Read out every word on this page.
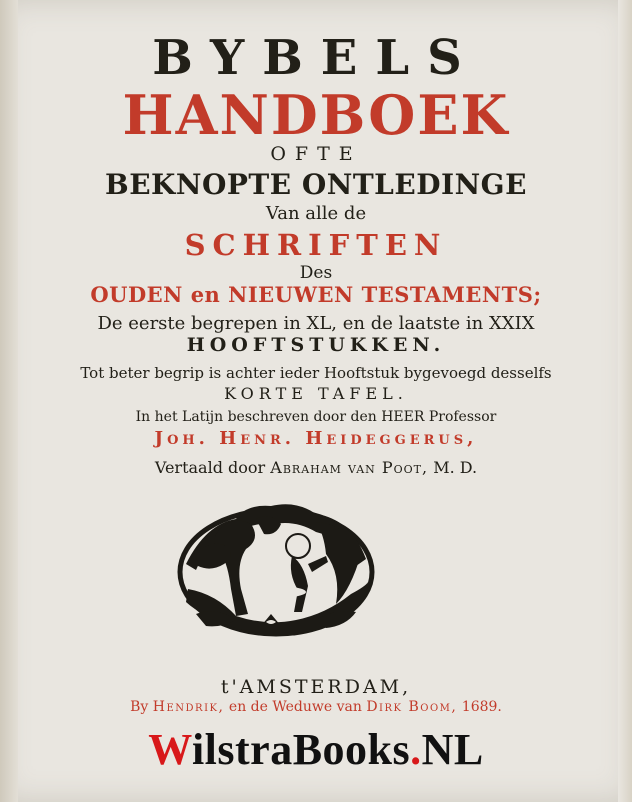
BYBELS
HANDBOEK
OFTE
BEKNOPTE ONTLEDINGE
Van alle de
SCHRIFTEN
Des
OUDEN en NIEUWEN TESTAMENTS;
De eerste begrepen in XL, en de laatste in XXIX
HOOFTSTUKKEN.
Tot beter begrip is achter ieder Hooftstuk bygevoegd desselfs
KORTE TAFEL.
In het Latijn beschreven door den HEER Professor
Joh. Henr. Heideggerus,
Vertaald door Abraham van Poot, M. D.
t'AMSTERDAM,
By Hendrik, en de Weduwe van Dirk Boom, 1689.
WilstraBooks.NL
